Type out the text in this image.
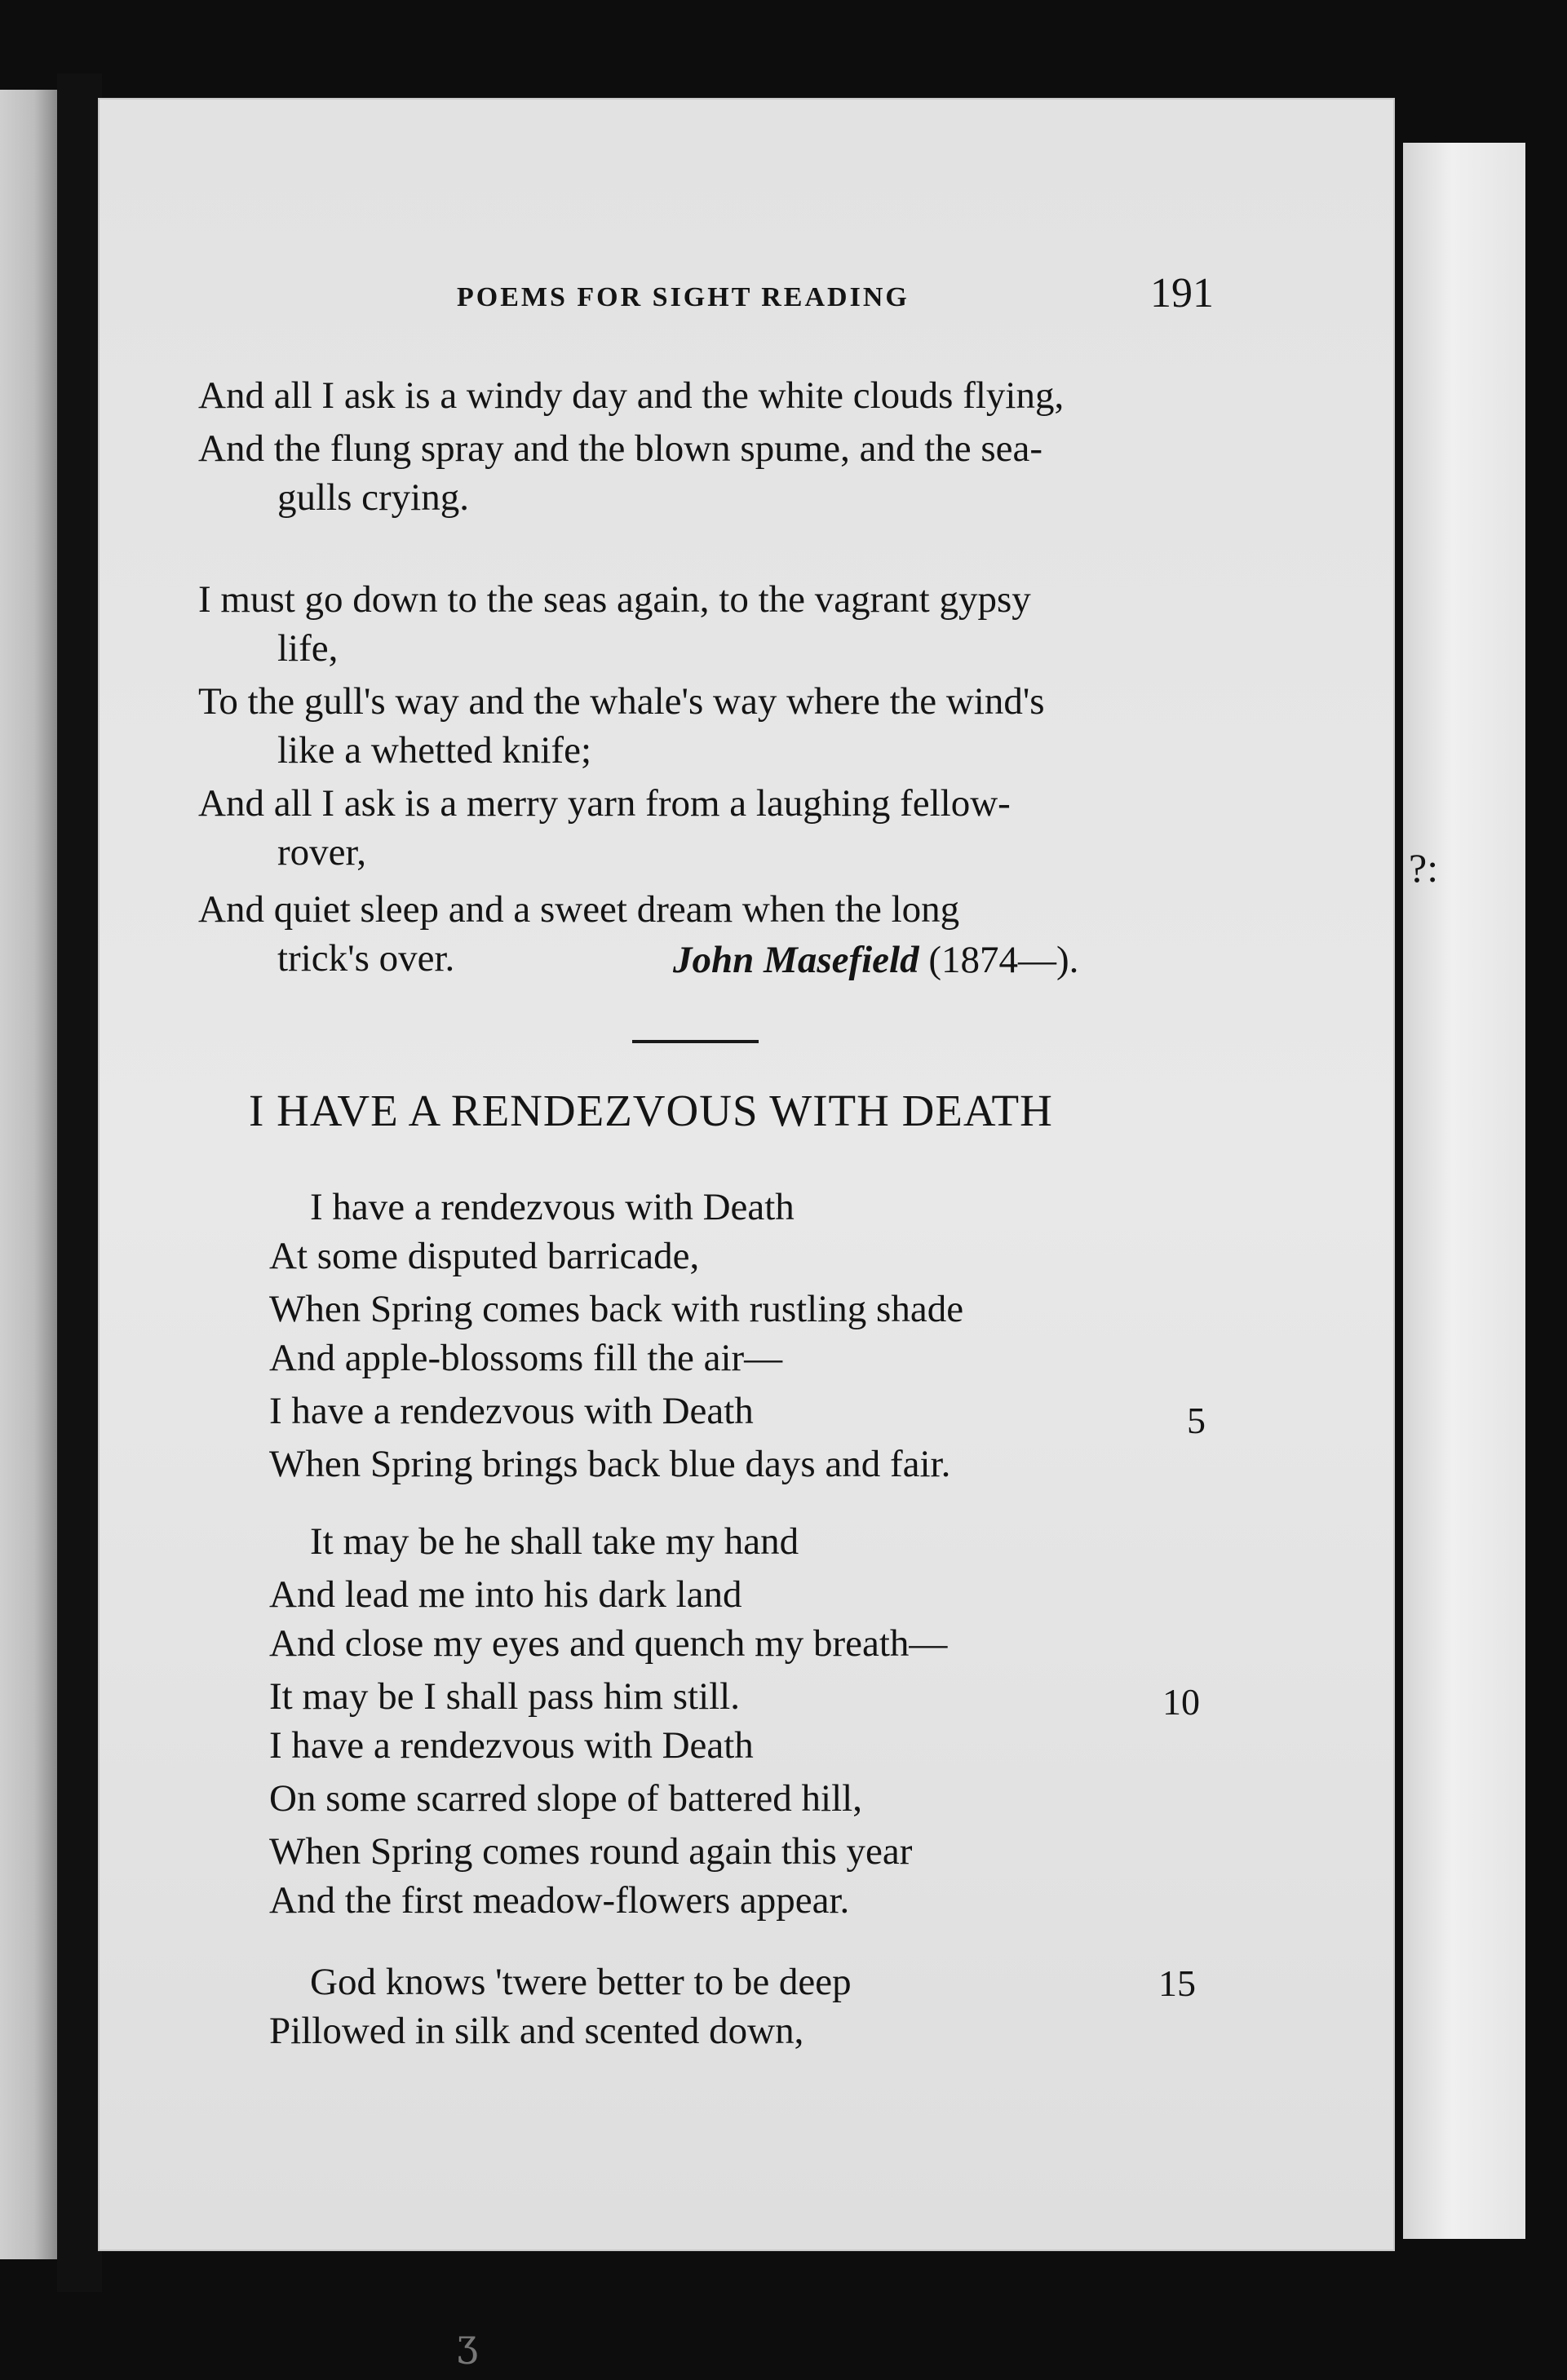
?:
ʒ
POEMS FOR SIGHT READING	191
And all I ask is a windy day and the white clouds flying,
And the flung spray and the blown spume, and the sea-
gulls crying.
I must go down to the seas again, to the vagrant gypsy
life,
To the gull's way and the whale's way where the wind's
like a whetted knife;
And all I ask is a merry yarn from a laughing fellow-
rover,
And quiet sleep and a sweet dream when the long
trick's over.	John Masefield (1874—).
I HAVE A RENDEZVOUS WITH DEATH
I have a rendezvous with Death
At some disputed barricade,
When Spring comes back with rustling shade
And apple-blossoms fill the air—
I have a rendezvous with Death	5
When Spring brings back blue days and fair.
It may be he shall take my hand
And lead me into his dark land
And close my eyes and quench my breath—
It may be I shall pass him still.	10
I have a rendezvous with Death
On some scarred slope of battered hill,
When Spring comes round again this year
And the first meadow-flowers appear.
God knows 'twere better to be deep	15
Pillowed in silk and scented down,
